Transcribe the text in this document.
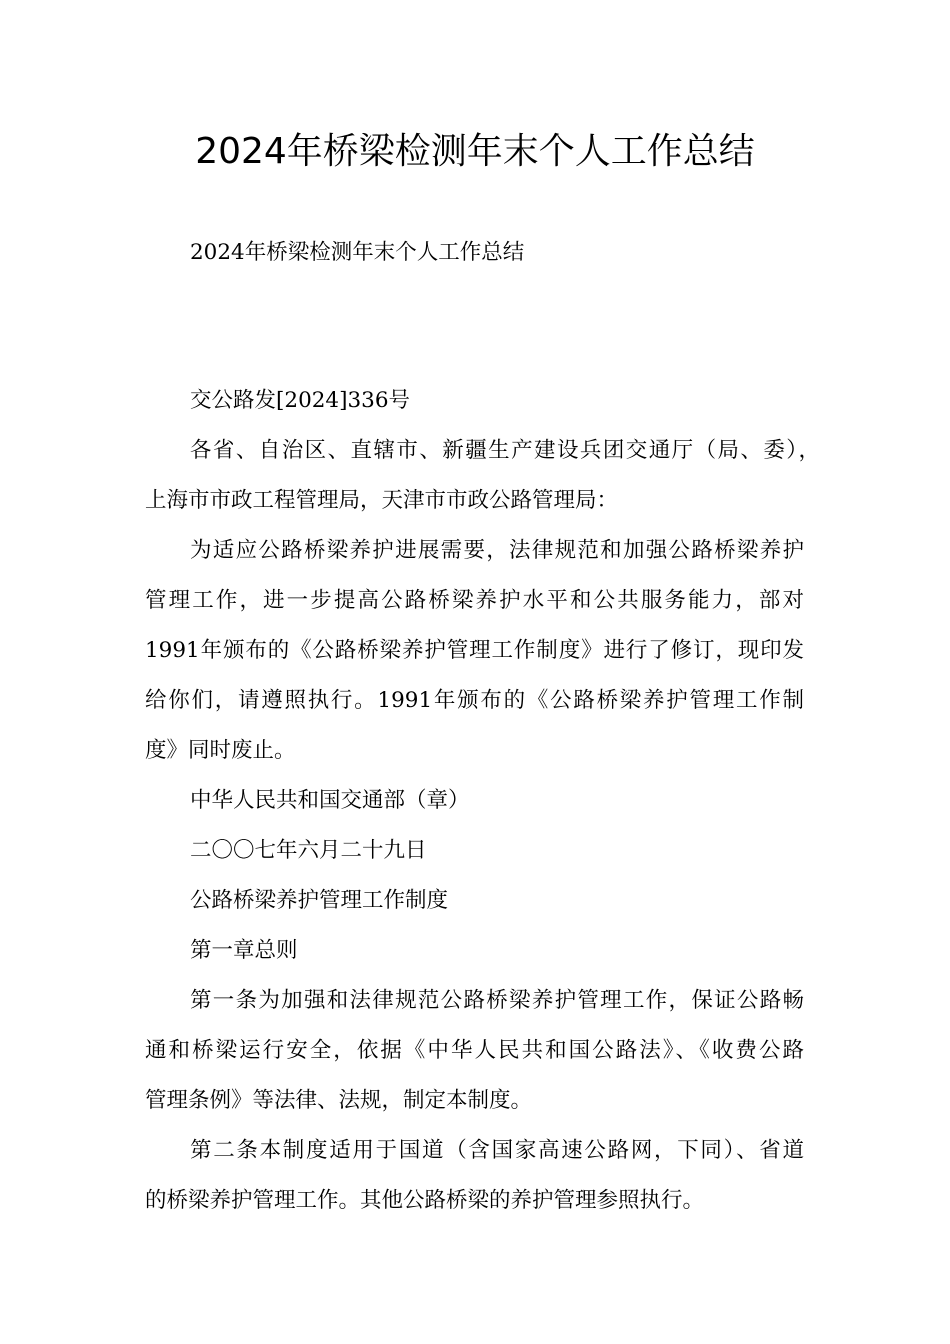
2024年桥梁检测年末个人工作总结
2024年桥梁检测年末个人工作总结
交公路发[2024]336号
各省、自治区、直辖市、新疆生产建设兵团交通厅（局、委），
上海市市政工程管理局，天津市市政公路管理局：
为适应公路桥梁养护进展需要，法律规范和加强公路桥梁养护
管理工作，进一步提高公路桥梁养护水平和公共服务能力，部对
1991年颁布的《公路桥梁养护管理工作制度》进行了修订，现印发
给你们，请遵照执行。1991年颁布的《公路桥梁养护管理工作制
度》同时废止。
中华人民共和国交通部（章）
二〇〇七年六月二十九日
公路桥梁养护管理工作制度
第一章总则
第一条为加强和法律规范公路桥梁养护管理工作，保证公路畅
通和桥梁运行安全，依据《中华人民共和国公路法》、《收费公路
管理条例》等法律、法规，制定本制度。
第二条本制度适用于国道（含国家高速公路网，下同）、省道
的桥梁养护管理工作。其他公路桥梁的养护管理参照执行。
